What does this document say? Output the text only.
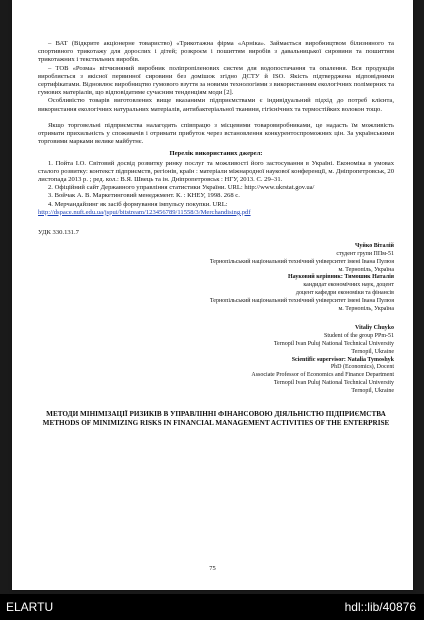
– ВАТ (Відкрите акціонерне товариство) «Трикотажна фірма «Арніка». Займається виробництвом білизняного та спортивного трикотажу для дорослих і дітей; розкроєм і пошиттям виробів з давальницької сировини та пошиттям трикотажних і текстильних виробів.

– ТОВ «Розма» вітчизняний виробник поліпропіленових систем для водопостачання та опалення. Вся продукція виробляється з якісної первинної сировини без домішок згідно ДСТУ й ISO. Якість підтверджена відповідними сертифікатами. Відновлює виробництво гумового взуття за новими технологіями з використанням екологічних полімерних та гумових матеріалів, що відповідатиме сучасним тенденціям моди [2].

Особливістю товарів виготовлених вище вказаними підприємствами є індивідуальний підхід до потреб клієнта, використання екологічних натуральних матеріалів, антибактеріальної тканини, гігієнічних та термостійких волокон тощо.

Якщо торговельні підприємства налагодять співпрацю з місцевими товаровиробниками, це надасть їм можливість отримати прихильність у споживачів і отримати прибуток через встановлення конкурентоспроможних цін. За українськими торговими марками велике майбутнє.

Перелік використаних джерел:

1. Пойта І.О. Світовий досвід розвитку ринку послуг та можливості його застосування в Україні. Економіка в умовах сталого розвитку: контекст підприємств, регіонів, країн : матеріали міжнародної наукової конференції, м. Дніпропетровськ, 20 листопада 2013 р. ; ред. кол.: В.Я. Швець та ін. Дніпропетровськ : НГУ, 2013. С. 29–31.

2. Офіційний сайт Державного управління статистики України. URL: http://www.ukrstat.gov.ua/

3. Войчак А. В. Маркетинговий менеджмент. К. : КНЕУ, 1998. 268 с.

4. Мерчандайзинг як засіб формування імпульсу покупки. URL:

http://dspace.nuft.edu.ua/jspui/bitstream/123456789/11558/3/Merchandising.pdf
УДК 330.131.7
Чуйко Віталій
студент групи ППм-51
Тернопільський національний технічний університет імені Івана Пулюя
м. Тернопіль, Україна
Науковий керівник: Тимошик Наталія
кандидат економічних наук, доцент
доцент кафедри економіки та фінансів
Тернопільський національний технічний університет імені Івана Пулюя
м. Тернопіль, Україна
Vitaliy Chuyko
Student of the group PPm-51
Ternopil Ivan Puluj National Technical University
Ternopil, Ukraine
Scientific supervisor: Natalia Tymoshyk
PhD (Economics), Docent
Associate Professor of Economics and Finance Department
Ternopil Ivan Puluj National Technical University
Ternopil, Ukraine
МЕТОДИ МІНІМІЗАЦІЇ РИЗИКІВ В УПРАВЛІННІ ФІНАНСОВОЮ ДІЯЛЬНІСТЮ ПІДПРИЄМСТВА
METHODS OF MINIMIZING RISKS IN FINANCIAL MANAGEMENT ACTIVITIES OF THE ENTERPRISE
75
ELARTU	hdl::lib/40876
